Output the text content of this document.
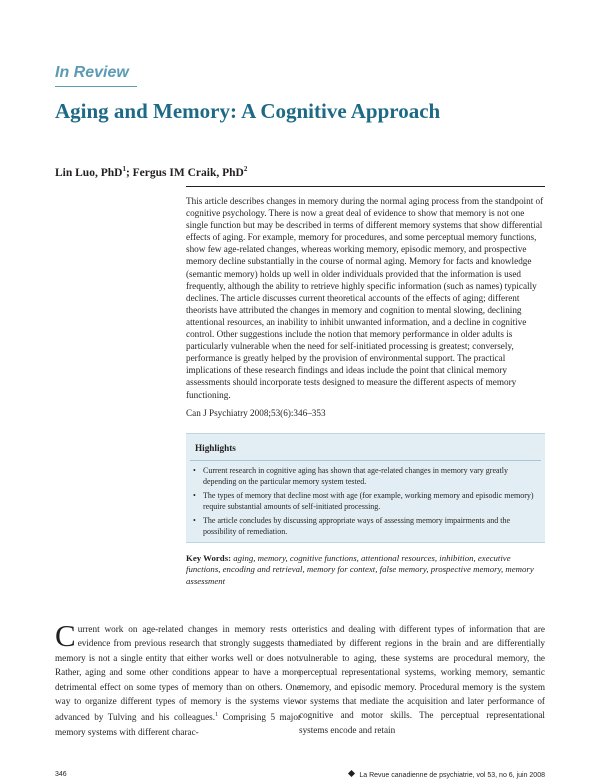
In Review
Aging and Memory: A Cognitive Approach
Lin Luo, PhD$^1$; Fergus IM Craik, PhD$^2$

This article describes changes in memory during the normal aging process from the standpoint of cognitive psychology. There is now a great deal of evidence to show that memory is not one single function but may be described in terms of different memory systems that show differential effects of aging. For example, memory for procedures, and some perceptual memory functions, show few age-related changes, whereas working memory, episodic memory, and prospective memory decline substantially in the course of normal aging. Memory for facts and knowledge (semantic memory) holds up well in older individuals provided that the information is used frequently, although the ability to retrieve highly specific information (such as names) typically declines. The article discusses current theoretical accounts of the effects of aging; different theorists have attributed the changes in memory and cognition to mental slowing, declining attentional resources, an inability to inhibit unwanted information, and a decline in cognitive control. Other suggestions include the notion that memory performance in older adults is particularly vulnerable when the need for self-initiated processing is greatest; conversely, performance is greatly helped by the provision of environmental support. The practical implications of these research findings and ideas include the point that clinical memory assessments should incorporate tests designed to measure the different aspects of memory functioning.

Can J Psychiatry 2008;53(6):346–353
Highlights
• Current research in cognitive aging has shown that age-related changes in memory vary greatly depending on the particular memory system tested.
• The types of memory that decline most with age (for example, working memory and episodic memory) require substantial amounts of self-initiated processing.
• The article concludes by discussing appropriate ways of assessing memory impairments and the possibility of remediation.

Key Words: aging, memory, cognitive functions, attentional resources, inhibition, executive functions, encoding and retrieval, memory for context, false memory, prospective memory, memory assessment

Current work on age-related changes in memory rests on evidence from previous research that strongly suggests that memory is not a single entity that either works well or does not. Rather, aging and some other conditions appear to have a more detrimental effect on some types of memory than on others. One way to organize different types of memory is the systems view advanced by Tulving and his colleagues.$^1$ Comprising 5 major memory systems with different charac-

teristics and dealing with different types of information that are mediated by different regions in the brain and are differentially vulnerable to aging, these systems are procedural memory, the perceptual representational systems, working memory, semantic memory, and episodic memory. Procedural memory is the system or systems that mediate the acquisition and later performance of cognitive and motor skills. The perceptual representational systems encode and retain

346	La Revue canadienne de psychiatrie, vol 53, no 6, juin 2008
